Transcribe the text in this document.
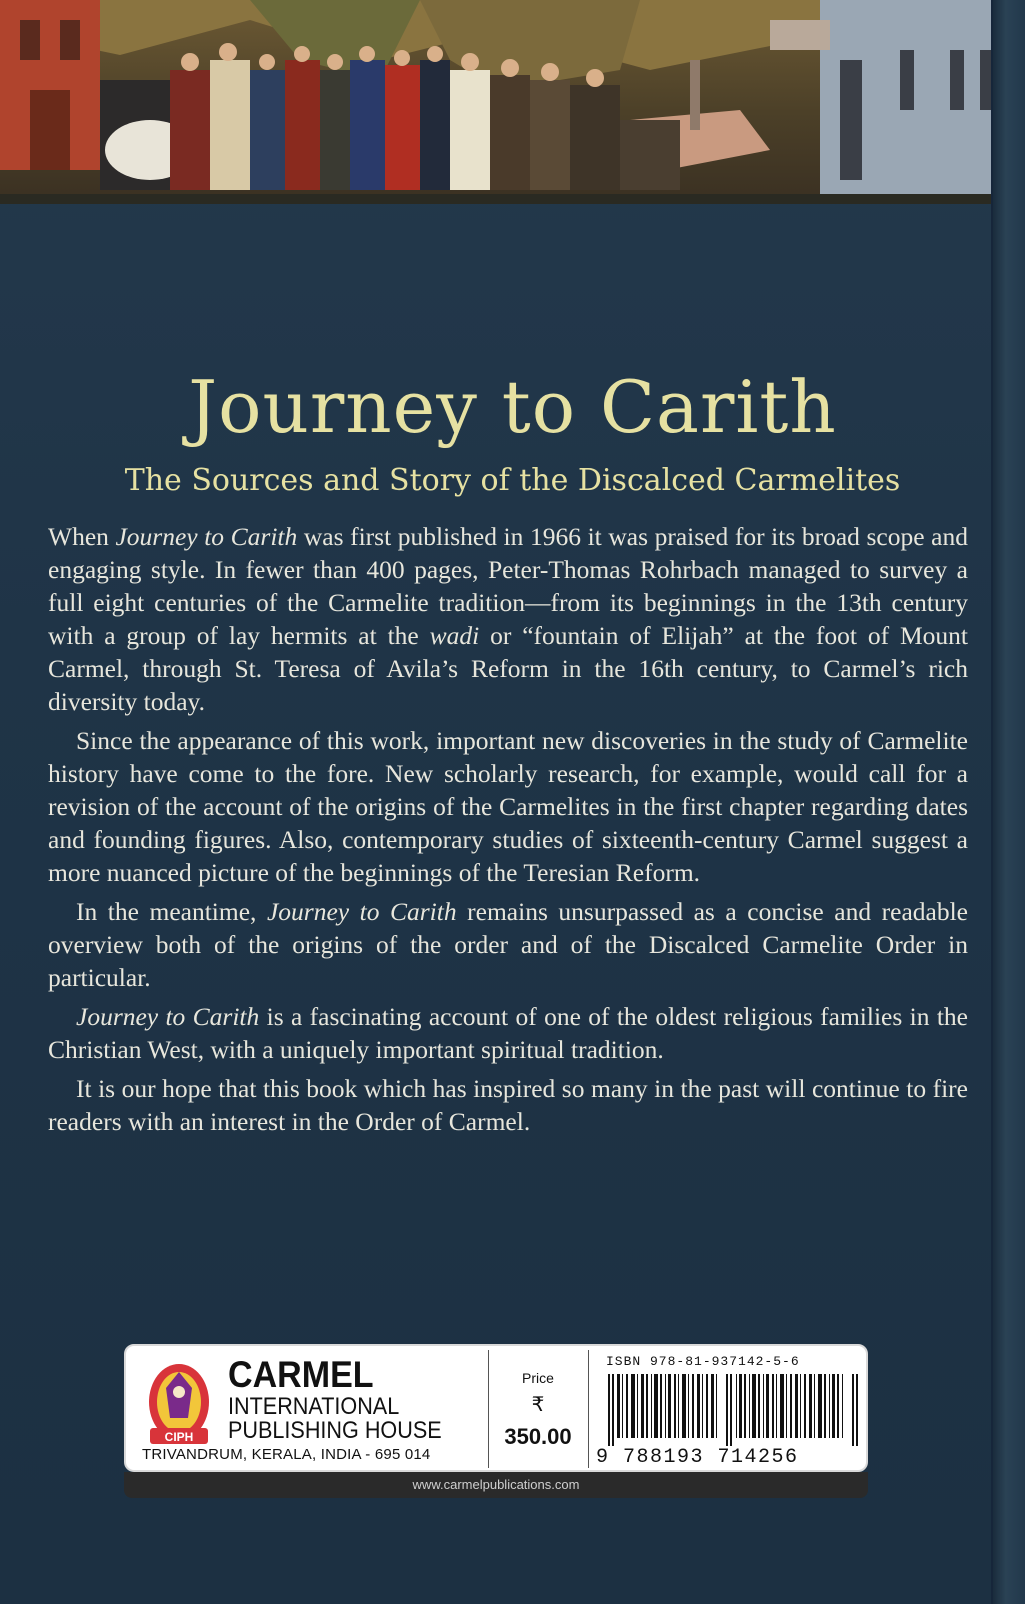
Journey to Carith
The Sources and Story of the Discalced Carmelites

When Journey to Carith was first published in 1966 it was praised for its broad scope and engaging style. In fewer than 400 pages, Peter-Thomas Rohrbach managed to survey a full eight centuries of the Carmelite tradition—from its beginnings in the 13th century with a group of lay hermits at the wadi or “fountain of Elijah” at the foot of Mount Carmel, through St. Teresa of Avila’s Reform in the 16th century, to Carmel’s rich diversity today.

Since the appearance of this work, important new discoveries in the study of Carmelite history have come to the fore. New scholarly research, for example, would call for a revision of the account of the origins of the Carmelites in the first chapter regarding dates and founding figures. Also, contemporary studies of sixteenth-century Carmel suggest a more nuanced picture of the beginnings of the Teresian Reform.

In the meantime, Journey to Carith remains unsurpassed as a concise and readable overview both of the origins of the order and of the Discalced Carmelite Order in particular.

Journey to Carith is a fascinating account of one of the oldest religious families in the Christian West, with a uniquely important spiritual tradition.

It is our hope that this book which has inspired so many in the past will continue to fire readers with an interest in the Order of Carmel.

CIPH
CARMEL
INTERNATIONAL
PUBLISHING HOUSE
TRIVANDRUM, KERALA, INDIA - 695 014
Price
₹
350.00
ISBN 978-81-937142-5-6
9 788193 714256
www.carmelpublications.com
